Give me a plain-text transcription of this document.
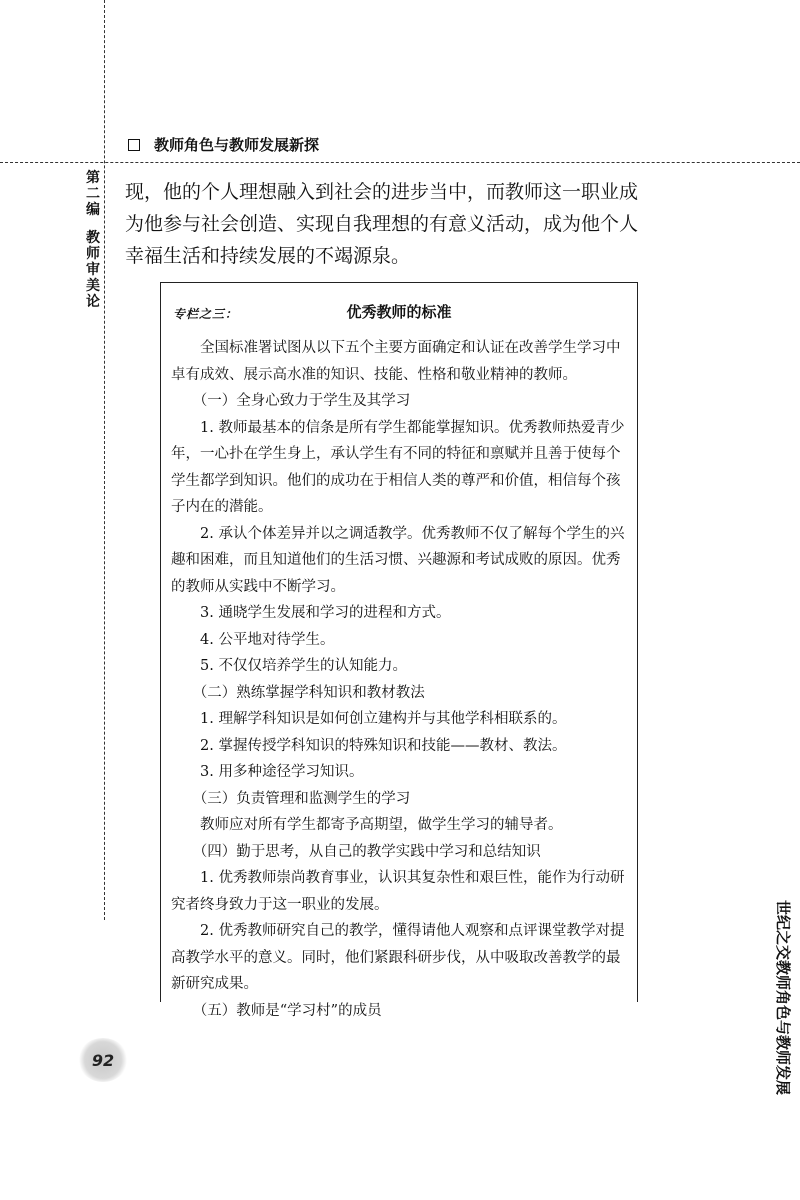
教师角色与教师发展新探
第二编
教师审美论

现，他的个人理想融入到社会的进步当中，而教师这一职业成为他参与社会创造、实现自我理想的有意义活动，成为他个人幸福生活和持续发展的不竭源泉。

专栏之三：	优秀教师的标准

全国标准署试图从以下五个主要方面确定和认证在改善学生学习中卓有成效、展示高水准的知识、技能、性格和敬业精神的教师。

（一）全身心致力于学生及其学习

1. 教师最基本的信条是所有学生都能掌握知识。优秀教师热爱青少年，一心扑在学生身上，承认学生有不同的特征和禀赋并且善于使每个学生都学到知识。他们的成功在于相信人类的尊严和价值，相信每个孩子内在的潜能。

2. 承认个体差异并以之调适教学。优秀教师不仅了解每个学生的兴趣和困难，而且知道他们的生活习惯、兴趣源和考试成败的原因。优秀的教师从实践中不断学习。

3. 通晓学生发展和学习的进程和方式。

4. 公平地对待学生。

5. 不仅仅培养学生的认知能力。

（二）熟练掌握学科知识和教材教法

1. 理解学科知识是如何创立建构并与其他学科相联系的。

2. 掌握传授学科知识的特殊知识和技能——教材、教法。

3. 用多种途径学习知识。

（三）负责管理和监测学生的学习

教师应对所有学生都寄予高期望，做学生学习的辅导者。

（四）勤于思考，从自己的教学实践中学习和总结知识

1. 优秀教师崇尚教育事业，认识其复杂性和艰巨性，能作为行动研究者终身致力于这一职业的发展。

2. 优秀教师研究自己的教学，懂得请他人观察和点评课堂教学对提高教学水平的意义。同时，他们紧跟科研步伐，从中吸取改善教学的最新研究成果。

（五）教师是“学习村”的成员

92	世纪之交教师角色与教师发展
